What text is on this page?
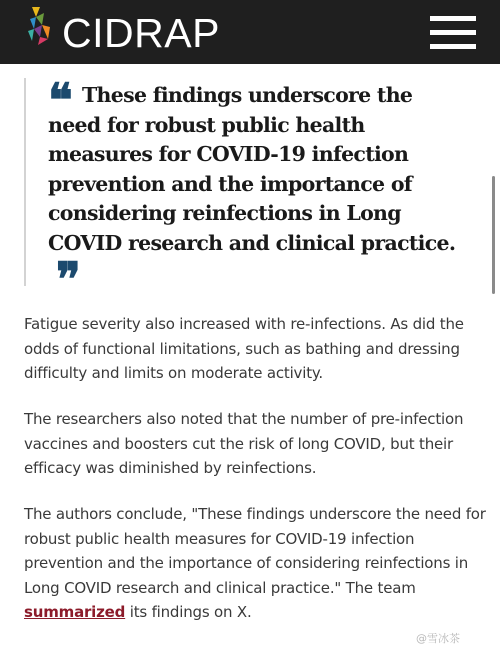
CIDRAP
❝ These findings underscore the need for robust public health measures for COVID-19 infection prevention and the importance of considering reinfections in Long COVID research and clinical practice.

❞

Fatigue severity also increased with re-infections. As did the odds of functional limitations, such as bathing and dressing difficulty and limits on moderate activity.

The researchers also noted that the number of pre-infection vaccines and boosters cut the risk of long COVID, but their efficacy was diminished by reinfections.

The authors conclude, "These findings underscore the need for robust public health measures for COVID-19 infection prevention and the importance of considering reinfections in Long COVID research and clinical practice." The team summarized its findings on X.

@雪冰茶
